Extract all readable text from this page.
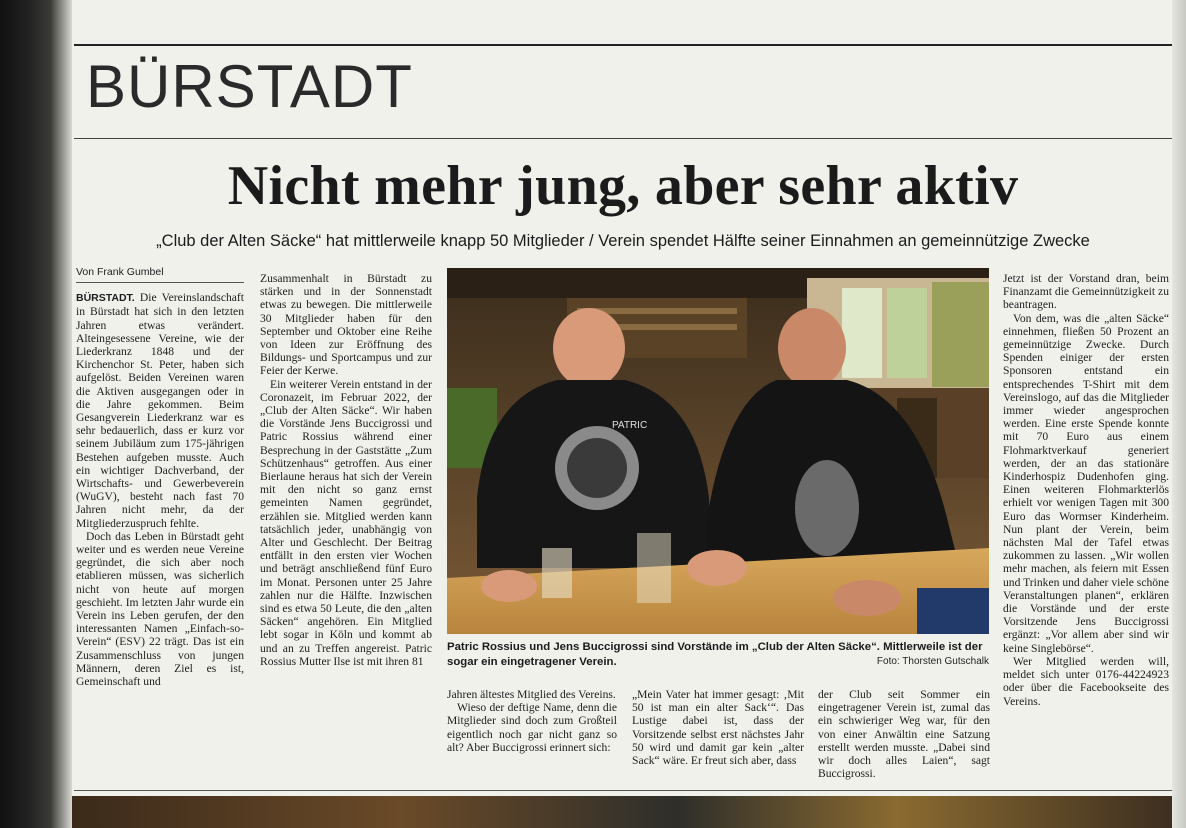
BÜRSTADT
Nicht mehr jung, aber sehr aktiv
„Club der Alten Säcke“ hat mittlerweile knapp 50 Mitglieder / Verein spendet Hälfte seiner Einnahmen an gemeinnützige Zwecke
Von Frank Gumbel

BÜRSTADT. Die Vereinslandschaft in Bürstadt hat sich in den letzten Jahren etwas verändert. Alteingesessene Vereine, wie der Liederkranz 1848 und der Kirchenchor St. Peter, haben sich aufgelöst. Beiden Vereinen waren die Aktiven ausgegangen oder in die Jahre gekommen. Beim Gesangverein Liederkranz war es sehr bedauerlich, dass er kurz vor seinem Jubiläum zum 175-jährigen Bestehen aufgeben musste. Auch ein wichtiger Dachverband, der Wirtschafts- und Gewerbeverein (WuGV), besteht nach fast 70 Jahren nicht mehr, da der Mitgliederzuspruch fehlte.

Doch das Leben in Bürstadt geht weiter und es werden neue Vereine gegründet, die sich aber noch etablieren müssen, was sicherlich nicht von heute auf morgen geschieht. Im letzten Jahr wurde ein Verein ins Leben gerufen, der den interessanten Namen „Einfach-so-Verein“ (ESV) 22 trägt. Das ist ein Zusammenschluss von jungen Männern, deren Ziel es ist, Gemeinschaft und

Zusammenhalt in Bürstadt zu stärken und in der Sonnenstadt etwas zu bewegen. Die mittlerweile 30 Mitglieder haben für den September und Oktober eine Reihe von Ideen zur Eröffnung des Bildungs- und Sportcampus und zur Feier der Kerwe.

Ein weiterer Verein entstand in der Coronazeit, im Februar 2022, der „Club der Alten Säcke“. Wir haben die Vorstände Jens Buccigrossi und Patric Rossius während einer Besprechung in der Gaststätte „Zum Schützenhaus“ getroffen. Aus einer Bierlaune heraus hat sich der Verein mit den nicht so ganz ernst gemeinten Namen gegründet, erzählen sie. Mitglied werden kann tatsächlich jeder, unabhängig von Alter und Geschlecht. Der Beitrag entfällt in den ersten vier Wochen und beträgt anschließend fünf Euro im Monat. Personen unter 25 Jahre zahlen nur die Hälfte. Inzwischen sind es etwa 50 Leute, die den „alten Säcken“ angehören. Ein Mitglied lebt sogar in Köln und kommt ab und an zu Treffen angereist. Patric Rossius Mutter Ilse ist mit ihren 81

PATRIC
Patric Rossius und Jens Buccigrossi sind Vorstände im „Club der Alten Säcke“. Mittlerweile ist der sogar ein eingetragener Verein.	Foto: Thorsten Gutschalk

Jahren ältestes Mitglied des Vereins.

Wieso der deftige Name, denn die Mitglieder sind doch zum Großteil eigentlich noch gar nicht ganz so alt? Aber Buccigrossi erinnert sich:

„Mein Vater hat immer gesagt: ‚Mit 50 ist man ein alter Sack‘“. Das Lustige dabei ist, dass der Vorsitzende selbst erst nächstes Jahr 50 wird und damit gar kein „alter Sack“ wäre. Er freut sich aber, dass

der Club seit Sommer ein eingetragener Verein ist, zumal das ein schwieriger Weg war, für den von einer Anwältin eine Satzung erstellt werden musste. „Dabei sind wir doch alles Laien“, sagt Buccigrossi.

Jetzt ist der Vorstand dran, beim Finanzamt die Gemeinnützigkeit zu beantragen.

Von dem, was die „alten Säcke“ einnehmen, fließen 50 Prozent an gemeinnützige Zwecke. Durch Spenden einiger der ersten Sponsoren entstand ein entsprechendes T-Shirt mit dem Vereinslogo, auf das die Mitglieder immer wieder angesprochen werden. Eine erste Spende konnte mit 70 Euro aus einem Flohmarktverkauf generiert werden, der an das stationäre Kinderhospiz Dudenhofen ging. Einen weiteren Flohmarkterlös erhielt vor wenigen Tagen mit 300 Euro das Wormser Kinderheim. Nun plant der Verein, beim nächsten Mal der Tafel etwas zukommen zu lassen. „Wir wollen mehr machen, als feiern mit Essen und Trinken und daher viele schöne Veranstaltungen planen“, erklären die Vorstände und der erste Vorsitzende Jens Buccigrossi ergänzt: „Vor allem aber sind wir keine Singlebörse“.

Wer Mitglied werden will, meldet sich unter 0176-44224923 oder über die Facebookseite des Vereins.
